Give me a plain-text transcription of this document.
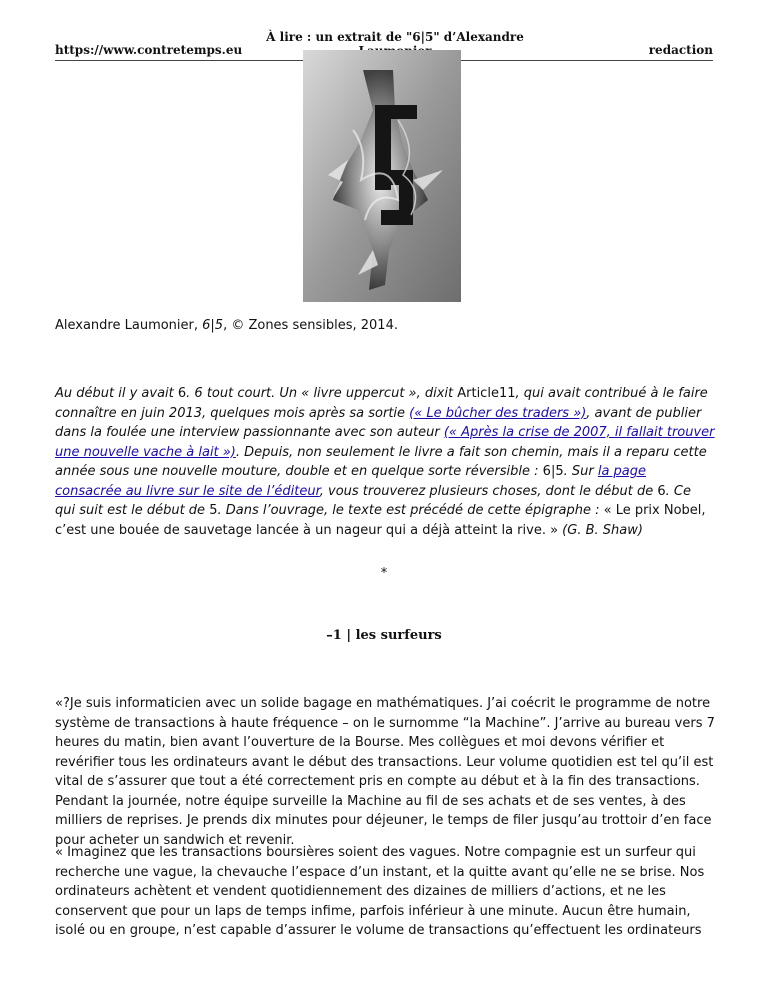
https://www.contretemps.eu
À lire : un extrait de "6|5" d’Alexandre
redaction
Alexandre Laumonier, 6|5, © Zones sensibles, 2014.
Au début il y avait 6. 6 tout court. Un « livre uppercut », dixit Article11, qui avait contribué à le faire connaître en juin 2013, quelques mois après sa sortie (« Le bûcher des traders »), avant de publier dans la foulée une interview passionnante avec son auteur (« Après la crise de 2007, il fallait trouver une nouvelle vache à lait »). Depuis, non seulement le livre a fait son chemin, mais il a reparu cette année sous une nouvelle mouture, double et en quelque sorte réversible : 6|5. Sur la page consacrée au livre sur le site de l’éditeur, vous trouverez plusieurs choses, dont le début de 6. Ce qui suit est le début de 5. Dans l’ouvrage, le texte est précédé de cette épigraphe : « Le prix Nobel, c’est une bouée de sauvetage lancée à un nageur qui a déjà atteint la rive. » (G. B. Shaw)
*
–1 | les surfeurs

«?Je suis informaticien avec un solide bagage en mathématiques. J’ai coécrit le programme de notre système de transactions à haute fréquence – on le surnomme “la Machine”. J’arrive au bureau vers 7 heures du matin, bien avant l’ouverture de la Bourse. Mes collègues et moi devons vérifier et revérifier tous les ordinateurs avant le début des transactions. Leur volume quotidien est tel qu’il est vital de s’assurer que tout a été correctement pris en compte au début et à la fin des transactions. Pendant la journée, notre équipe surveille la Machine au fil de ses achats et de ses ventes, à des milliers de reprises. Je prends dix minutes pour déjeuner, le temps de filer jusqu’au trottoir d’en face pour acheter un sandwich et revenir.

« Imaginez que les transactions boursières soient des vagues. Notre compagnie est un surfeur qui recherche une vague, la chevauche l’espace d’un instant, et la quitte avant qu’elle ne se brise. Nos ordinateurs achètent et vendent quotidiennement des dizaines de milliers d’actions, et ne les conservent que pour un laps de temps infime, parfois inférieur à une minute. Aucun être humain, isolé ou en groupe, n’est capable d’assurer le volume de transactions qu’effectuent les ordinateurs
